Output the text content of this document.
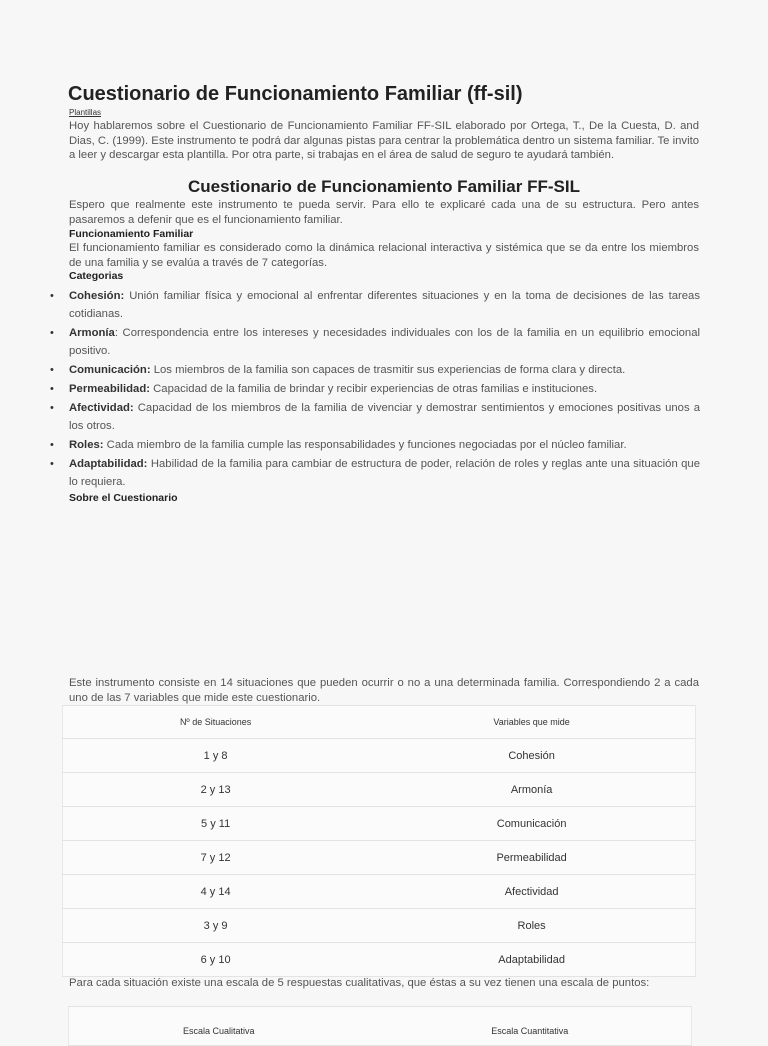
Cuestionario de Funcionamiento Familiar (ff-sil)
Plantillas

Hoy hablaremos sobre el Cuestionario de Funcionamiento Familiar FF-SIL elaborado por Ortega, T., De la Cuesta, D. and Dias, C. (1999). Este instrumento te podrá dar algunas pistas para centrar la problemática dentro un sistema familiar. Te invito a leer y descargar esta plantilla. Por otra parte, si trabajas en el área de salud de seguro te ayudará también.

Cuestionario de Funcionamiento Familiar FF-SIL

Espero que realmente este instrumento te pueda servir. Para ello te explicaré cada una de su estructura. Pero antes pasaremos a defenir que es el funcionamiento familiar.

Funcionamiento Familiar

El funcionamiento familiar es considerado como la dinámica relacional interactiva y sistémica que se da entre los miembros de una familia y se evalúa a través de 7 categorías.

Categorias

• Cohesión: Unión familiar física y emocional al enfrentar diferentes situaciones y en la toma de decisiones de las tareas cotidianas.
• Armonía: Correspondencia entre los intereses y necesidades individuales con los de la familia en un equilibrio emocional positivo.
• Comunicación: Los miembros de la familia son capaces de trasmitir sus experiencias de forma clara y directa.
• Permeabilidad: Capacidad de la familia de brindar y recibir experiencias de otras familias e instituciones.
• Afectividad: Capacidad de los miembros de la familia de vivenciar y demostrar sentimientos y emociones positivas unos a los otros.
• Roles: Cada miembro de la familia cumple las responsabilidades y funciones negociadas por el núcleo familiar.
• Adaptabilidad: Habilidad de la familia para cambiar de estructura de poder, relación de roles y reglas ante una situación que lo requiera.

Sobre el Cuestionario

Este instrumento consiste en 14 situaciones que pueden ocurrir o no a una determinada familia. Correspondiendo 2 a cada uno de las 7 variables que mide este cuestionario.

Nº de Situaciones	Variables que mide
1 y 8	Cohesión
2 y 13	Armonía
5 y 11	Comunicación
7 y 12	Permeabilidad
4 y 14	Afectividad
3 y 9	Roles
6 y 10	Adaptabilidad

Para cada situación existe una escala de 5 respuestas cualitativas, que éstas a su vez tienen una escala de puntos:

Escala Cualitativa	Escala Cuantitativa
